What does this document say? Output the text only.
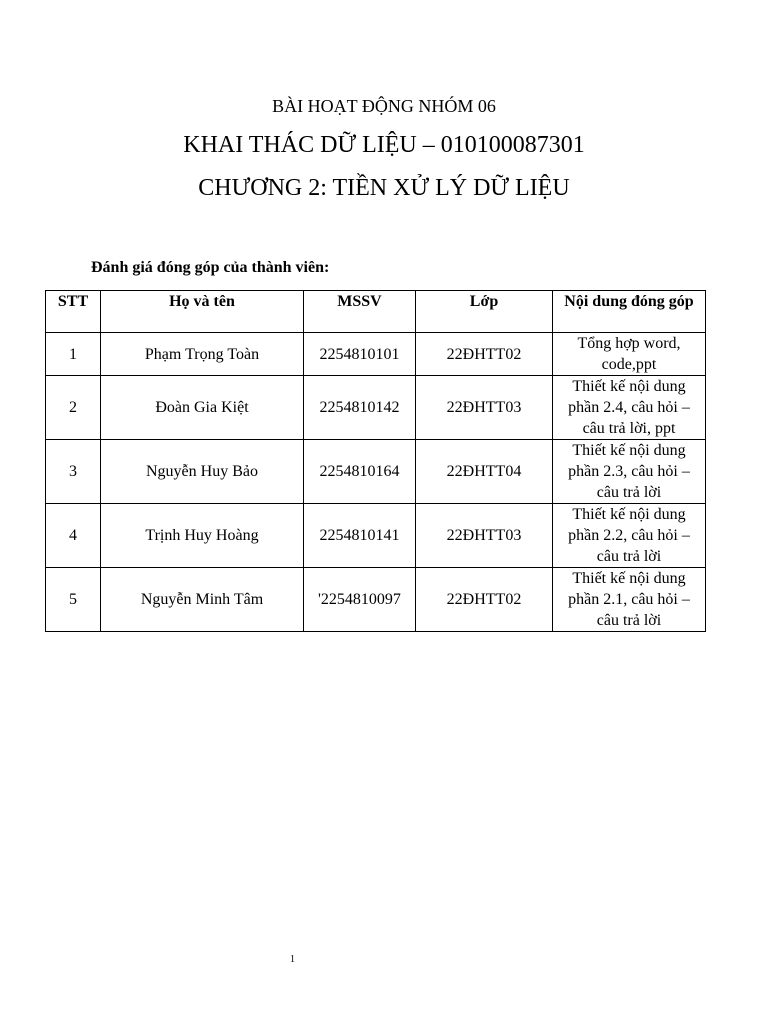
BÀI HOẠT ĐỘNG NHÓM 06
KHAI THÁC DỮ LIỆU – 010100087301
CHƯƠNG 2: TIỀN XỬ LÝ DỮ LIỆU
Đánh giá đóng góp của thành viên:
STT	Họ và tên	MSSV	Lớp	Nội dung đóng góp
1	Phạm Trọng Toàn	2254810101	22ĐHTT02	Tổng hợp word, code,ppt
2	Đoàn Gia Kiệt	2254810142	22ĐHTT03	Thiết kế nội dung phần 2.4, câu hỏi – câu trả lời, ppt
3	Nguyễn Huy Bảo	2254810164	22ĐHTT04	Thiết kế nội dung phần 2.3, câu hỏi – câu trả lời
4	Trịnh Huy Hoàng	2254810141	22ĐHTT03	Thiết kế nội dung phần 2.2, câu hỏi – câu trả lời
5	Nguyễn Minh Tâm	'2254810097	22ĐHTT02	Thiết kế nội dung phần 2.1, câu hỏi – câu trả lời
1
